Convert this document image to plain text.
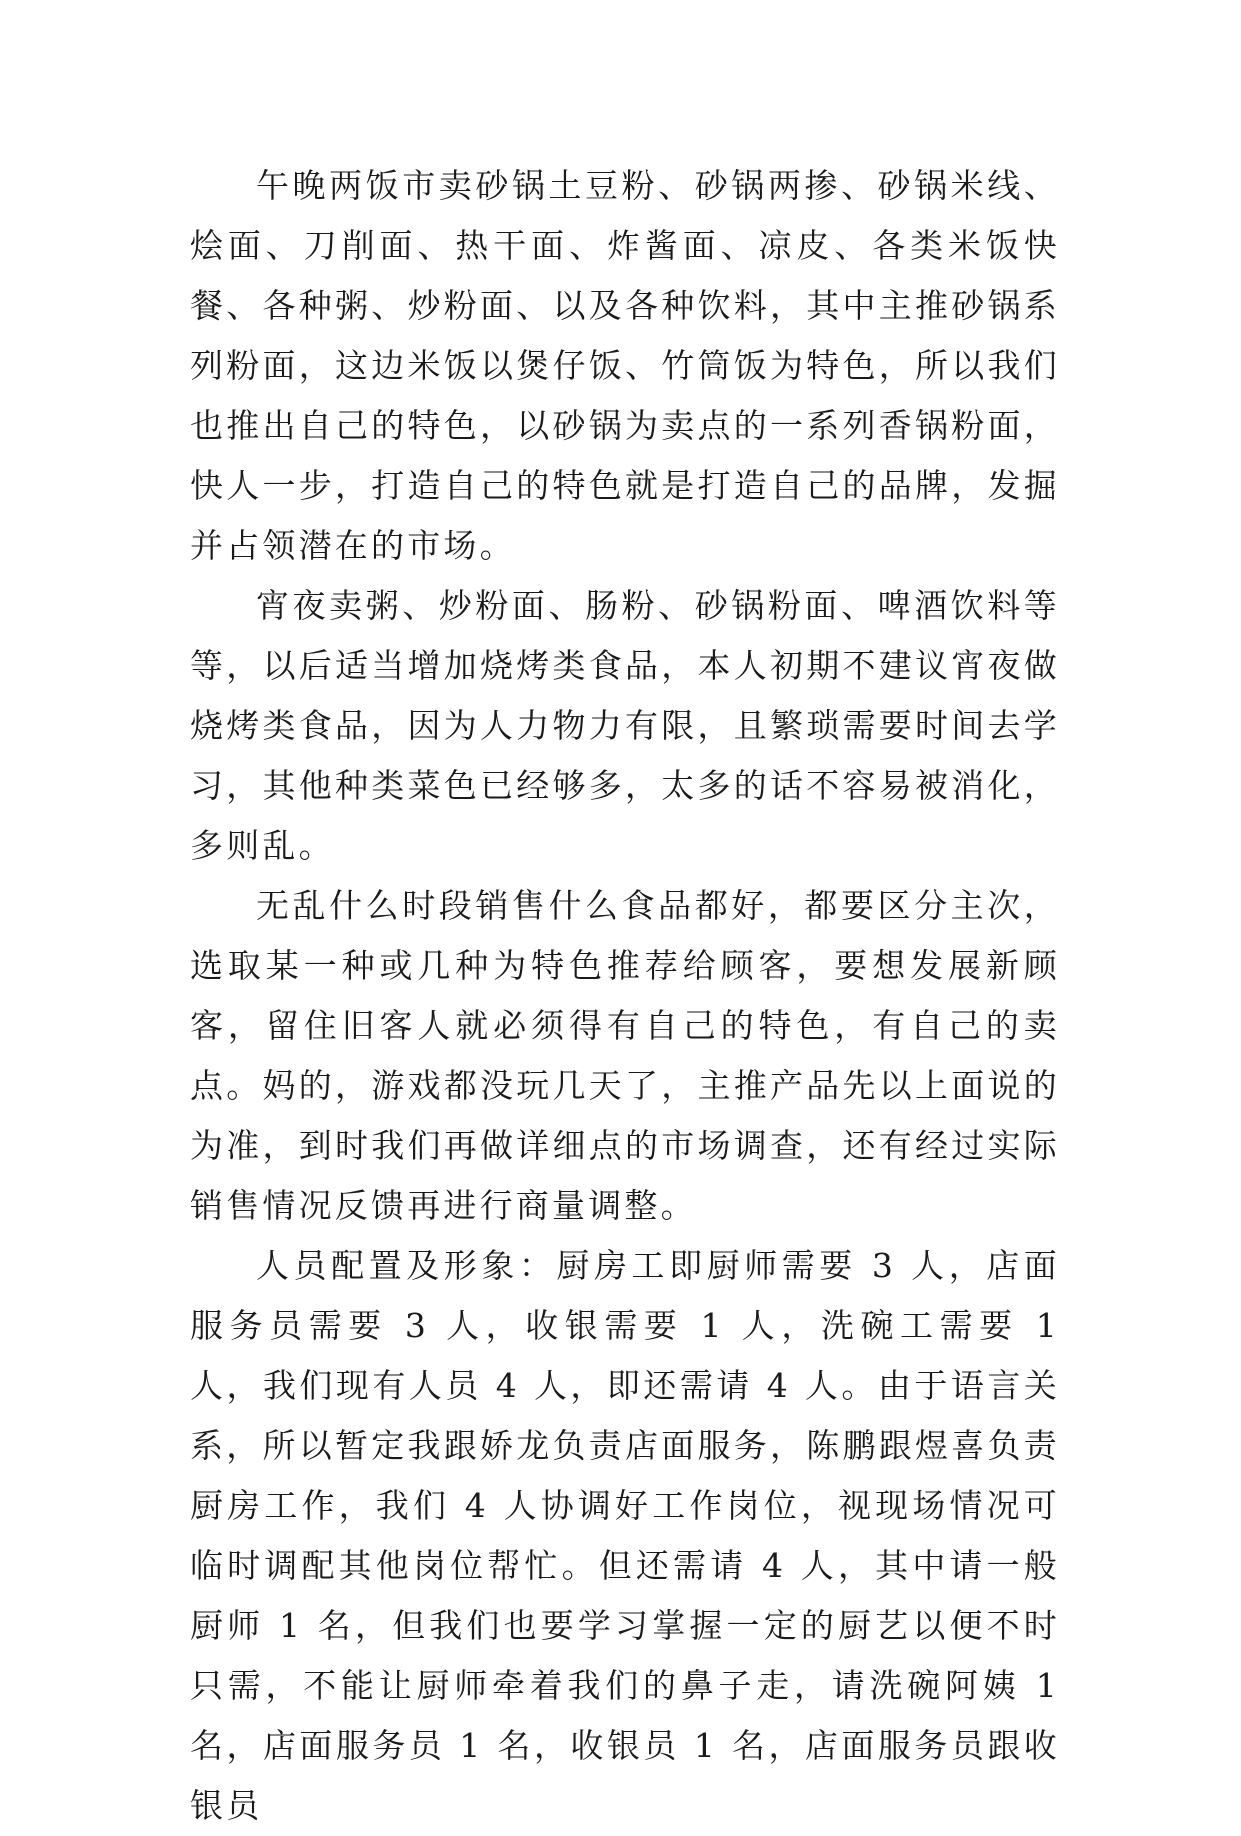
午晚两饭市卖砂锅土豆粉、砂锅两掺、砂锅米线、烩面、刀削面、热干面、炸酱面、凉皮、各类米饭快餐、各种粥、炒粉面、以及各种饮料，其中主推砂锅系列粉面，这边米饭以煲仔饭、竹筒饭为特色，所以我们也推出自己的特色，以砂锅为卖点的一系列香锅粉面，快人一步，打造自己的特色就是打造自己的品牌，发掘并占领潜在的市场。

宵夜卖粥、炒粉面、肠粉、砂锅粉面、啤酒饮料等等，以后适当增加烧烤类食品，本人初期不建议宵夜做烧烤类食品，因为人力物力有限，且繁琐需要时间去学习，其他种类菜色已经够多，太多的话不容易被消化，多则乱。

无乱什么时段销售什么食品都好，都要区分主次，选取某一种或几种为特色推荐给顾客，要想发展新顾客，留住旧客人就必须得有自己的特色，有自己的卖点。妈的，游戏都没玩几天了，主推产品先以上面说的为准，到时我们再做详细点的市场调查，还有经过实际销售情况反馈再进行商量调整。

人员配置及形象：厨房工即厨师需要 3 人，店面服务员需要 3 人，收银需要 1 人，洗碗工需要 1 人，我们现有人员 4 人，即还需请 4 人。由于语言关系，所以暂定我跟娇龙负责店面服务，陈鹏跟煜喜负责厨房工作，我们 4 人协调好工作岗位，视现场情况可临时调配其他岗位帮忙。但还需请 4 人，其中请一般厨师 1 名，但我们也要学习掌握一定的厨艺以便不时只需，不能让厨师牵着我们的鼻子走，请洗碗阿姨 1 名，店面服务员 1 名，收银员 1 名，店面服务员跟收银员
